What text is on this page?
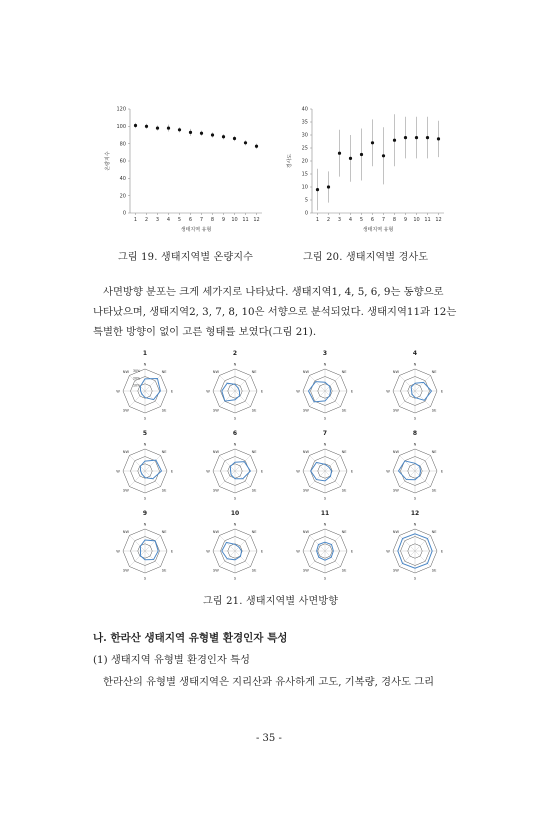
0
20
40
60
80
100
120
1 2 3 4 5 6 7 8 9 10 11 12
생태지역 유형
온량지수
0
5
10
15
20
25
30
35
40
1 2 3 4 5 6 7 8 9 10 11 12
생태지역 유형
경사도
그림 19. 생태지역별 온량지수	그림 20. 생태지역별 경사도
사면방향 분포는 크게 세가지로 나타났다. 생태지역1, 4, 5, 6, 9는 동향으로
나타났으며, 생태지역2, 3, 7, 8, 10은 서향으로 분석되었다. 생태지역11과 12는
특별한 방향이 없이 고른 형태를 보였다(그림 21).
1
N
NE
E
SE
S
SW
W
NW 30%
20%
10%
2
N
NE
E
SE
S
SW
W
NW
3
N
NE
E
SE
S
SW
W
NW
4
N
NE
E
SE
S
SW
W
NW
5
N
NE
E
SE
S
SW
W
NW
6
N
NE
E
SE
S
SW
W
NW
7
N
NE
E
SE
S
SW
W
NW
8
N
NE
E
SE
S
SW
W
NW
9
N
NE
E
SE
S
SW
W
NW
10
N
NE
E
SE
S
SW
W
NW
11
N
NE
E
SE
S
SW
W
NW
12
N
NE
E
SE
S
SW
W
NW
그림 21. 생태지역별 사면방향
나. 한라산 생태지역 유형별 환경인자 특성
(1) 생태지역 유형별 환경인자 특성
한라산의 유형별 생태지역은 지리산과 유사하게 고도, 기복량, 경사도 그리
- 35 -
